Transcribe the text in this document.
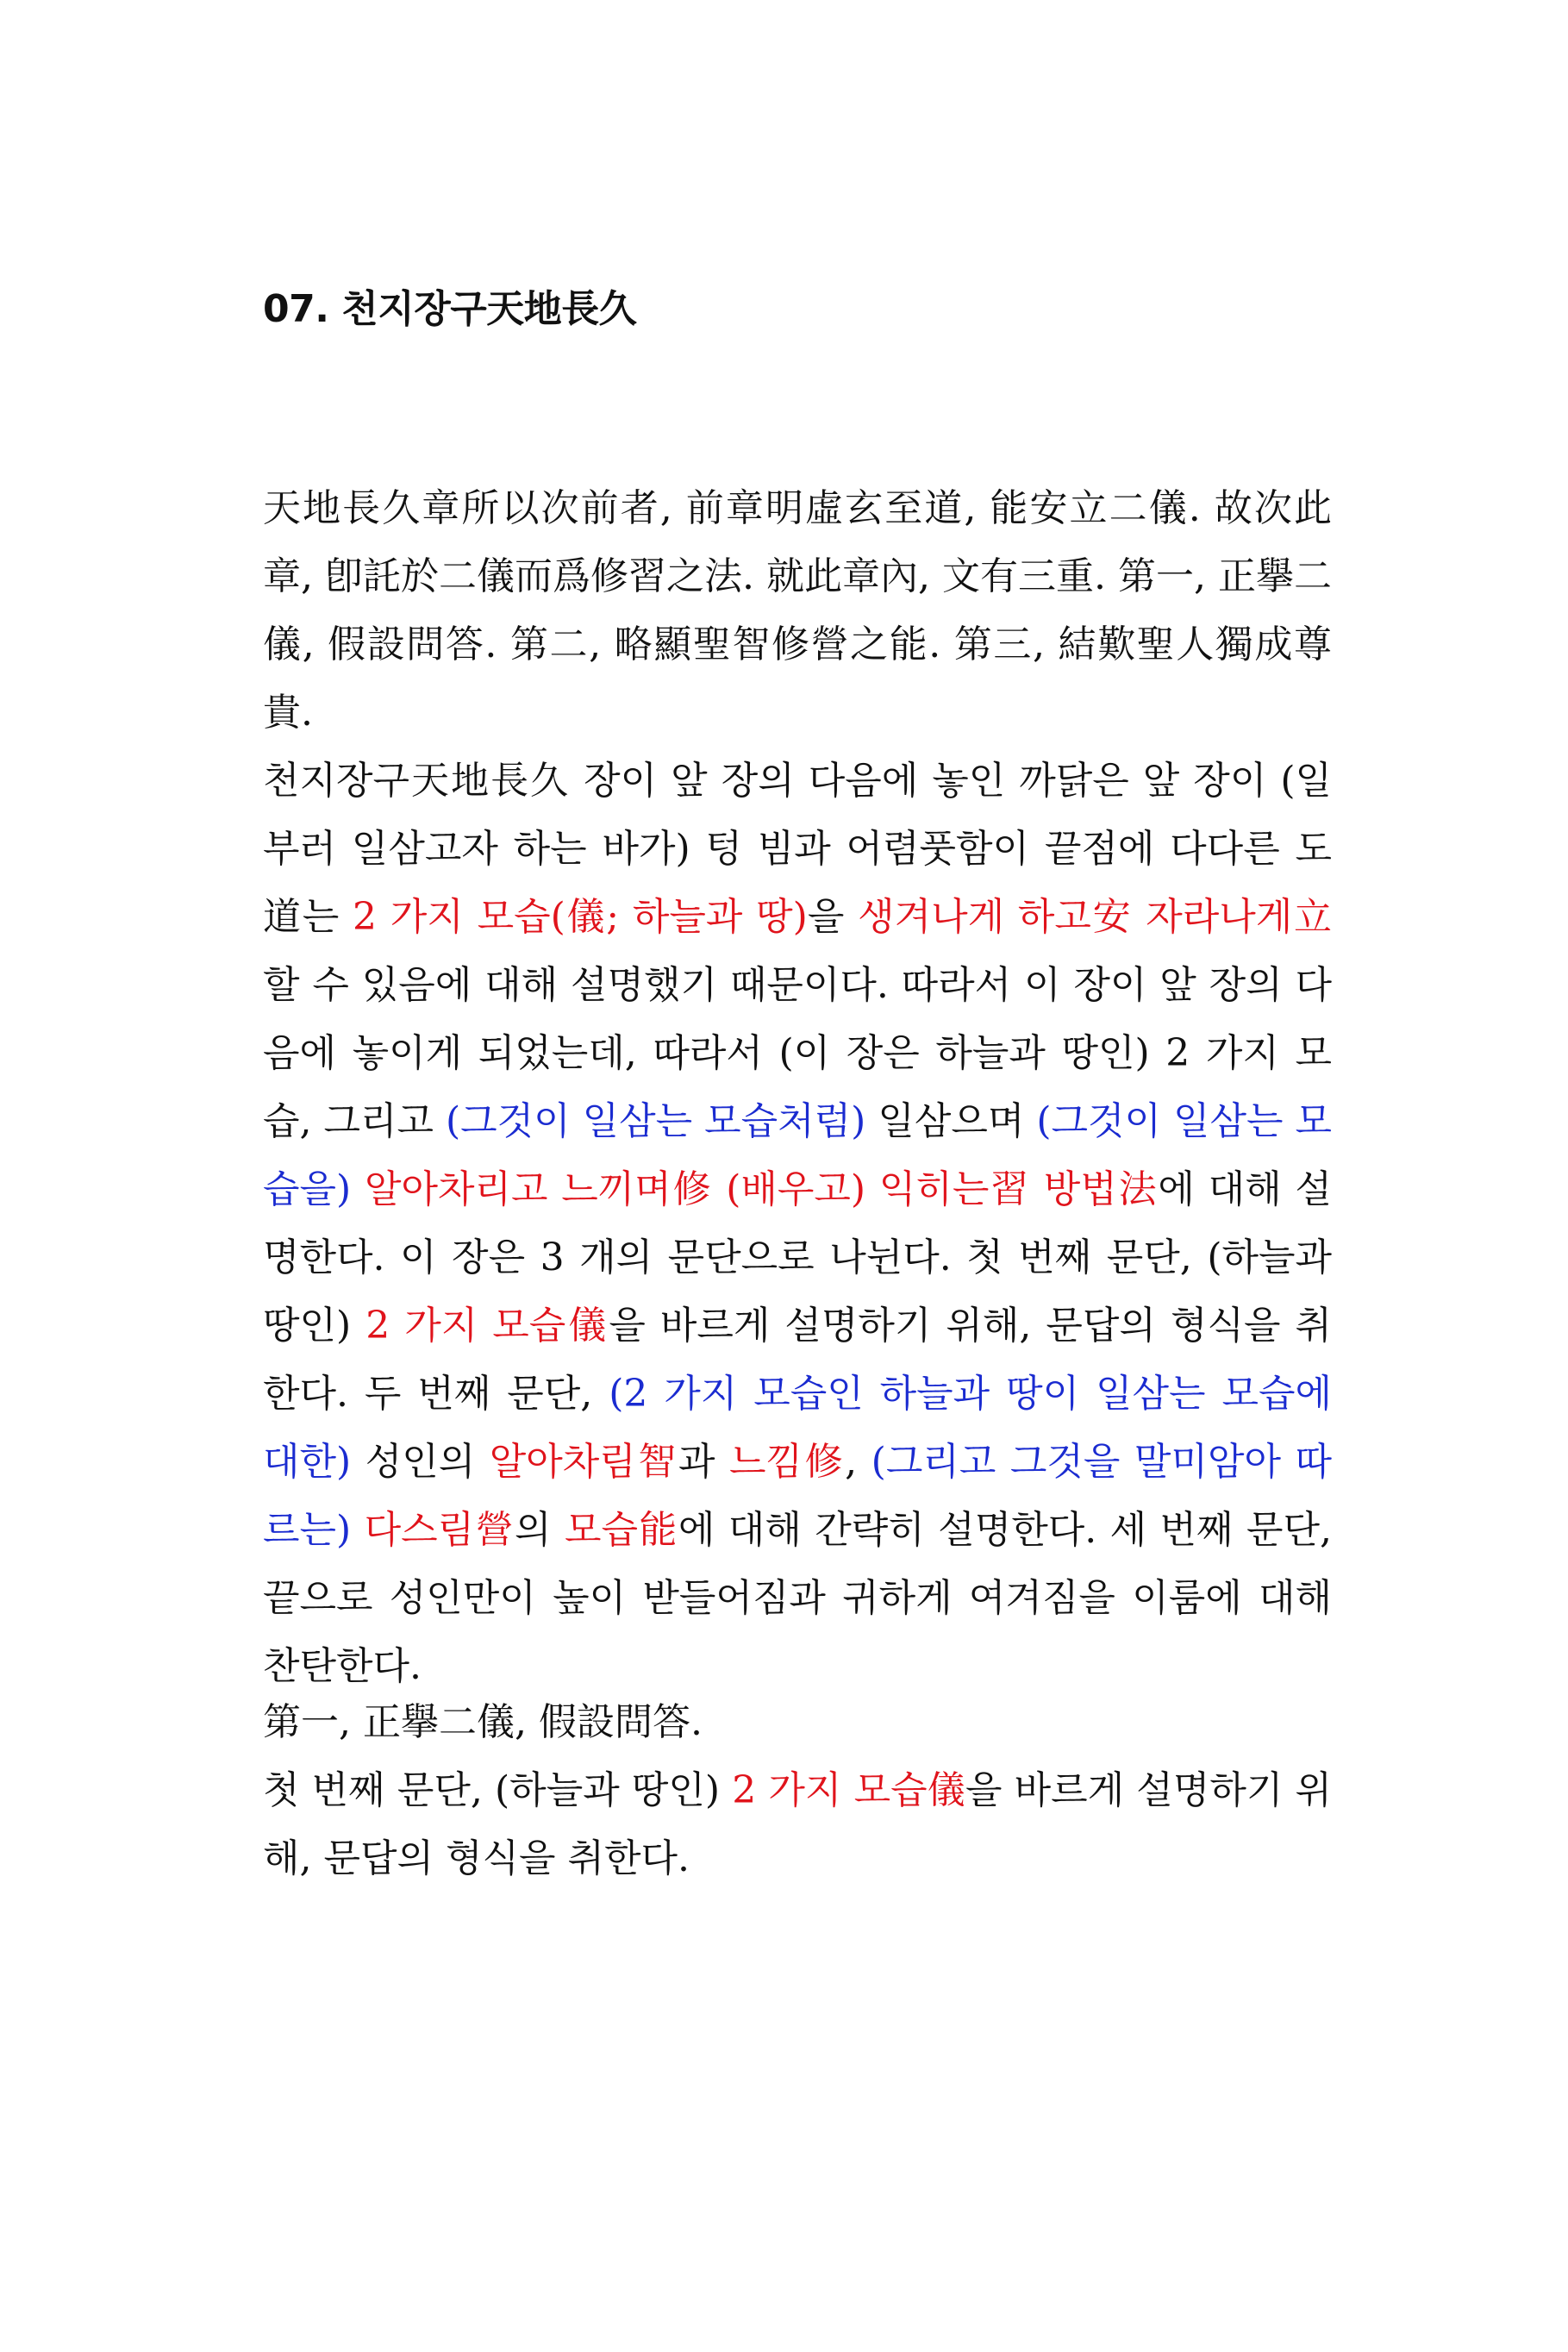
07. 천지장구天地長久

天地長久章所以次前者, 前章明虛玄至道, 能安立二儀. 故次此章, 卽託於二儀而爲修習之法. 就此章內, 文有三重. 第一, 正擧二儀, 假設問答. 第二, 略顯聖智修營之能. 第三, 結歎聖人獨成尊貴.

천지장구天地長久 장이 앞 장의 다음에 놓인 까닭은 앞 장이 (일부러 일삼고자 하는 바가) 텅 빔과 어렴풋함이 끝점에 다다른 도道는 2 가지 모습(儀; 하늘과 땅)을 생겨나게 하고安 자라나게立 할 수 있음에 대해 설명했기 때문이다. 따라서 이 장이 앞 장의 다음에 놓이게 되었는데, 따라서 (이 장은 하늘과 땅인) 2 가지 모습, 그리고 (그것이 일삼는 모습처럼) 일삼으며 (그것이 일삼는 모습을) 알아차리고 느끼며修 (배우고) 익히는習 방법法에 대해 설명한다. 이 장은 3 개의 문단으로 나뉜다. 첫 번째 문단, (하늘과 땅인) 2 가지 모습儀을 바르게 설명하기 위해, 문답의 형식을 취한다. 두 번째 문단, (2 가지 모습인 하늘과 땅이 일삼는 모습에 대한) 성인의 알아차림智과 느낌修, (그리고 그것을 말미암아 따르는) 다스림營의 모습能에 대해 간략히 설명한다. 세 번째 문단, 끝으로 성인만이 높이 받들어짐과 귀하게 여겨짐을 이룸에 대해 찬탄한다.

第一, 正擧二儀, 假設問答.

첫 번째 문단, (하늘과 땅인) 2 가지 모습儀을 바르게 설명하기 위해, 문답의 형식을 취한다.
